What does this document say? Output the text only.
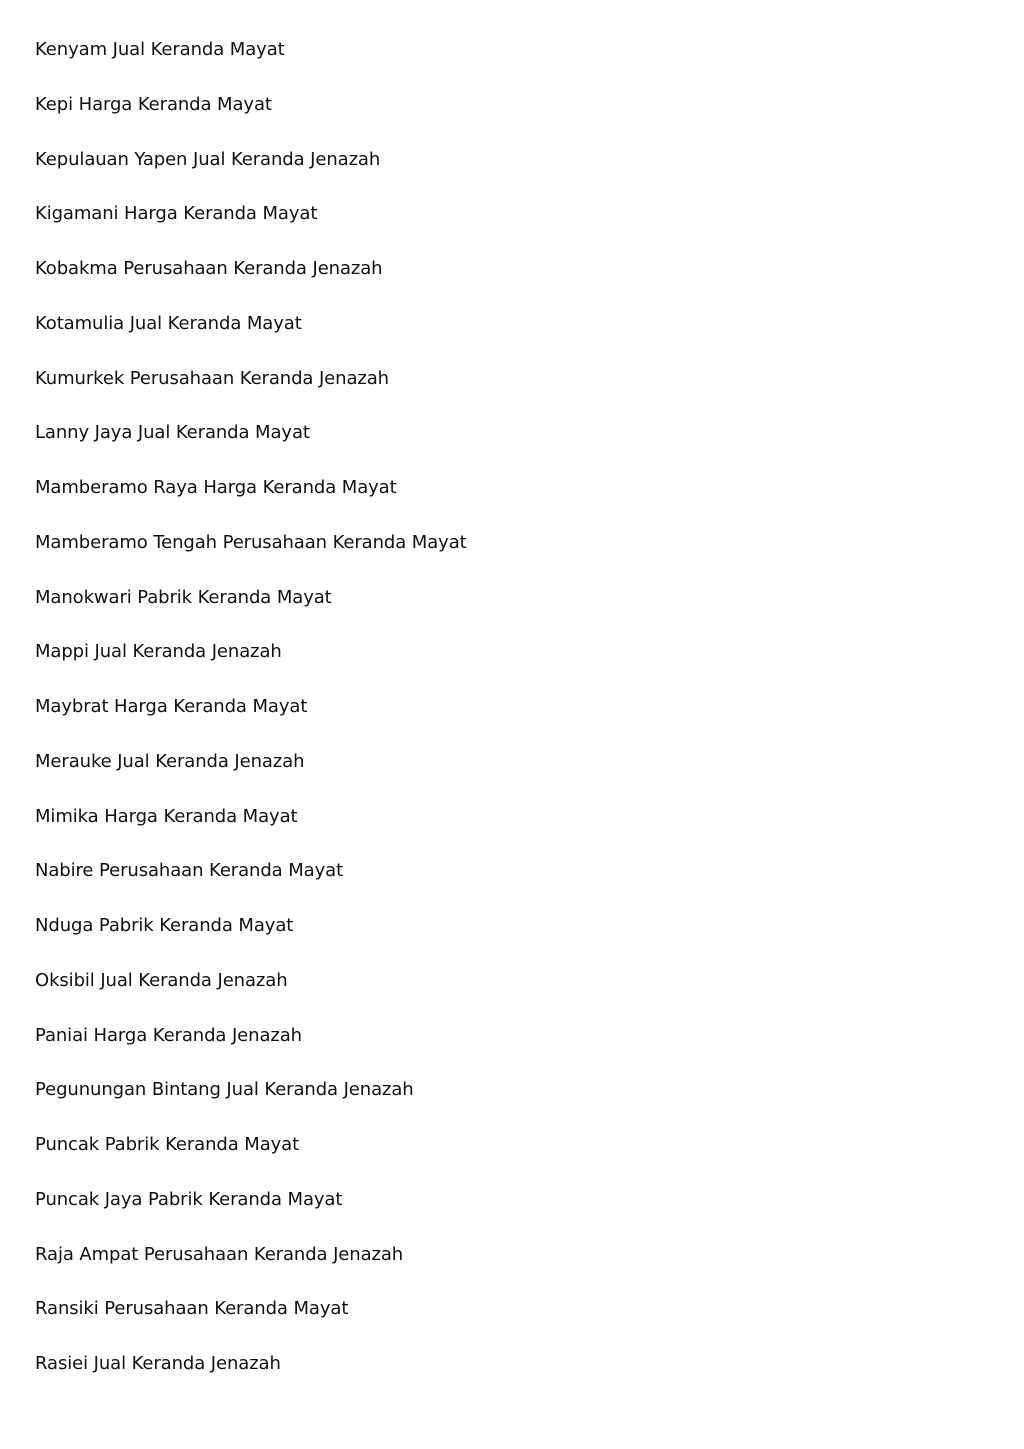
Kenyam Jual Keranda Mayat
Kepi Harga Keranda Mayat
Kepulauan Yapen Jual Keranda Jenazah
Kigamani Harga Keranda Mayat
Kobakma Perusahaan Keranda Jenazah
Kotamulia Jual Keranda Mayat
Kumurkek Perusahaan Keranda Jenazah
Lanny Jaya Jual Keranda Mayat
Mamberamo Raya Harga Keranda Mayat
Mamberamo Tengah Perusahaan Keranda Mayat
Manokwari Pabrik Keranda Mayat
Mappi Jual Keranda Jenazah
Maybrat Harga Keranda Mayat
Merauke Jual Keranda Jenazah
Mimika Harga Keranda Mayat
Nabire Perusahaan Keranda Mayat
Nduga Pabrik Keranda Mayat
Oksibil Jual Keranda Jenazah
Paniai Harga Keranda Jenazah
Pegunungan Bintang Jual Keranda Jenazah
Puncak Pabrik Keranda Mayat
Puncak Jaya Pabrik Keranda Mayat
Raja Ampat Perusahaan Keranda Jenazah
Ransiki Perusahaan Keranda Mayat
Rasiei Jual Keranda Jenazah
